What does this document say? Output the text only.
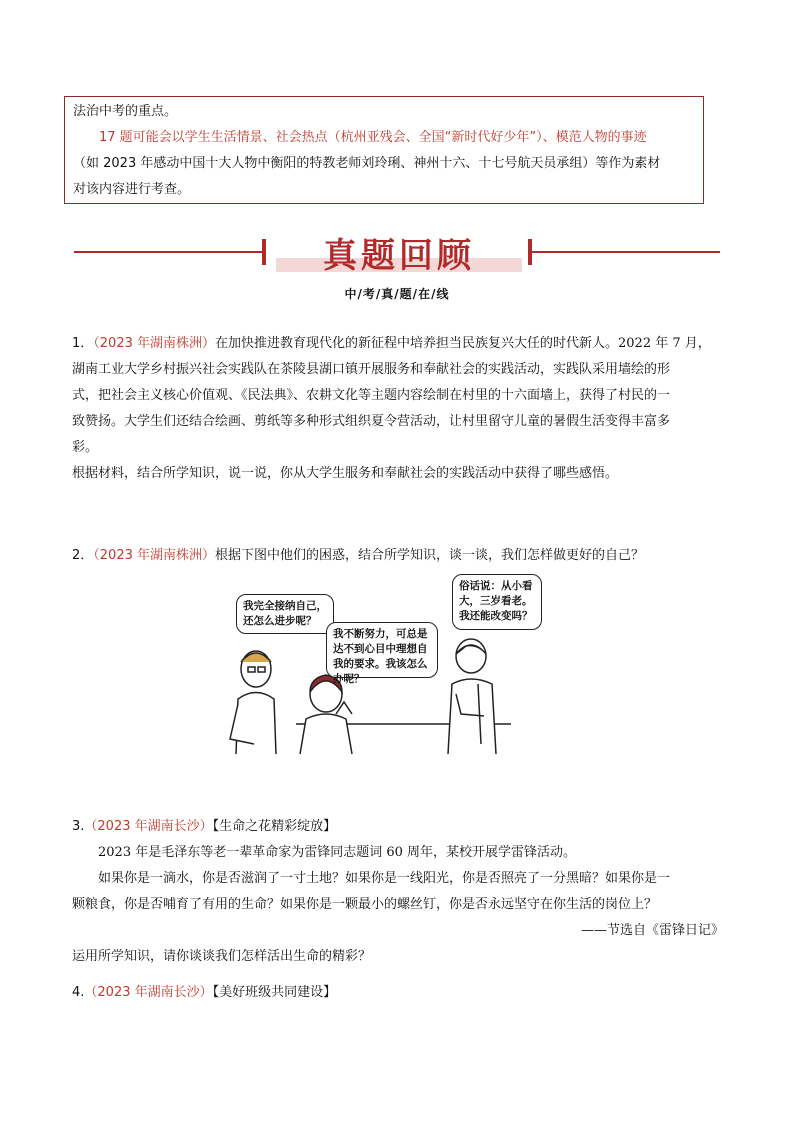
法治中考的重点。
17 题可能会以学生生活情景、社会热点（杭州亚残会、全国“新时代好少年”）、模范人物的事迹
（如 2023 年感动中国十大人物中衡阳的特教老师刘玲琍、神州十六、十七号航天员承组）等作为素材
对该内容进行考查。
真题回顾
中/考/真/题/在/线
1．（2023 年湖南株洲）在加快推进教育现代化的新征程中培养担当民族复兴大任的时代新人。2022 年 7 月，
湖南工业大学乡村振兴社会实践队在茶陵县湖口镇开展服务和奉献社会的实践活动，实践队采用墙绘的形
式，把社会主义核心价值观、《民法典》、农耕文化等主题内容绘制在村里的十六面墙上，获得了村民的一
致赞扬。大学生们还结合绘画、剪纸等多种形式组织夏令营活动，让村里留守儿童的暑假生活变得丰富多
彩。
根据材料，结合所学知识，说一说，你从大学生服务和奉献社会的实践活动中获得了哪些感悟。
2．（2023 年湖南株洲）根据下图中他们的困惑，结合所学知识，谈一谈，我们怎样做更好的自己？
我完全接纳自己，还怎么进步呢？
我不断努力，可总是达不到心目中理想自我的要求。我该怎么办呢？
俗话说：从小看大，三岁看老。我还能改变吗？
3.（2023 年湖南长沙）【生命之花精彩绽放】
2023 年是毛泽东等老一辈革命家为雷锋同志题词 60 周年，某校开展学雷锋活动。
如果你是一滴水，你是否滋润了一寸土地？如果你是一线阳光，你是否照亮了一分黑暗？如果你是一
颗粮食，你是否哺育了有用的生命？如果你是一颗最小的螺丝钉，你是否永远坚守在你生活的岗位上？
——节选自《雷锋日记》
运用所学知识，请你谈谈我们怎样活出生命的精彩？
4.（2023 年湖南长沙）【美好班级共同建设】
